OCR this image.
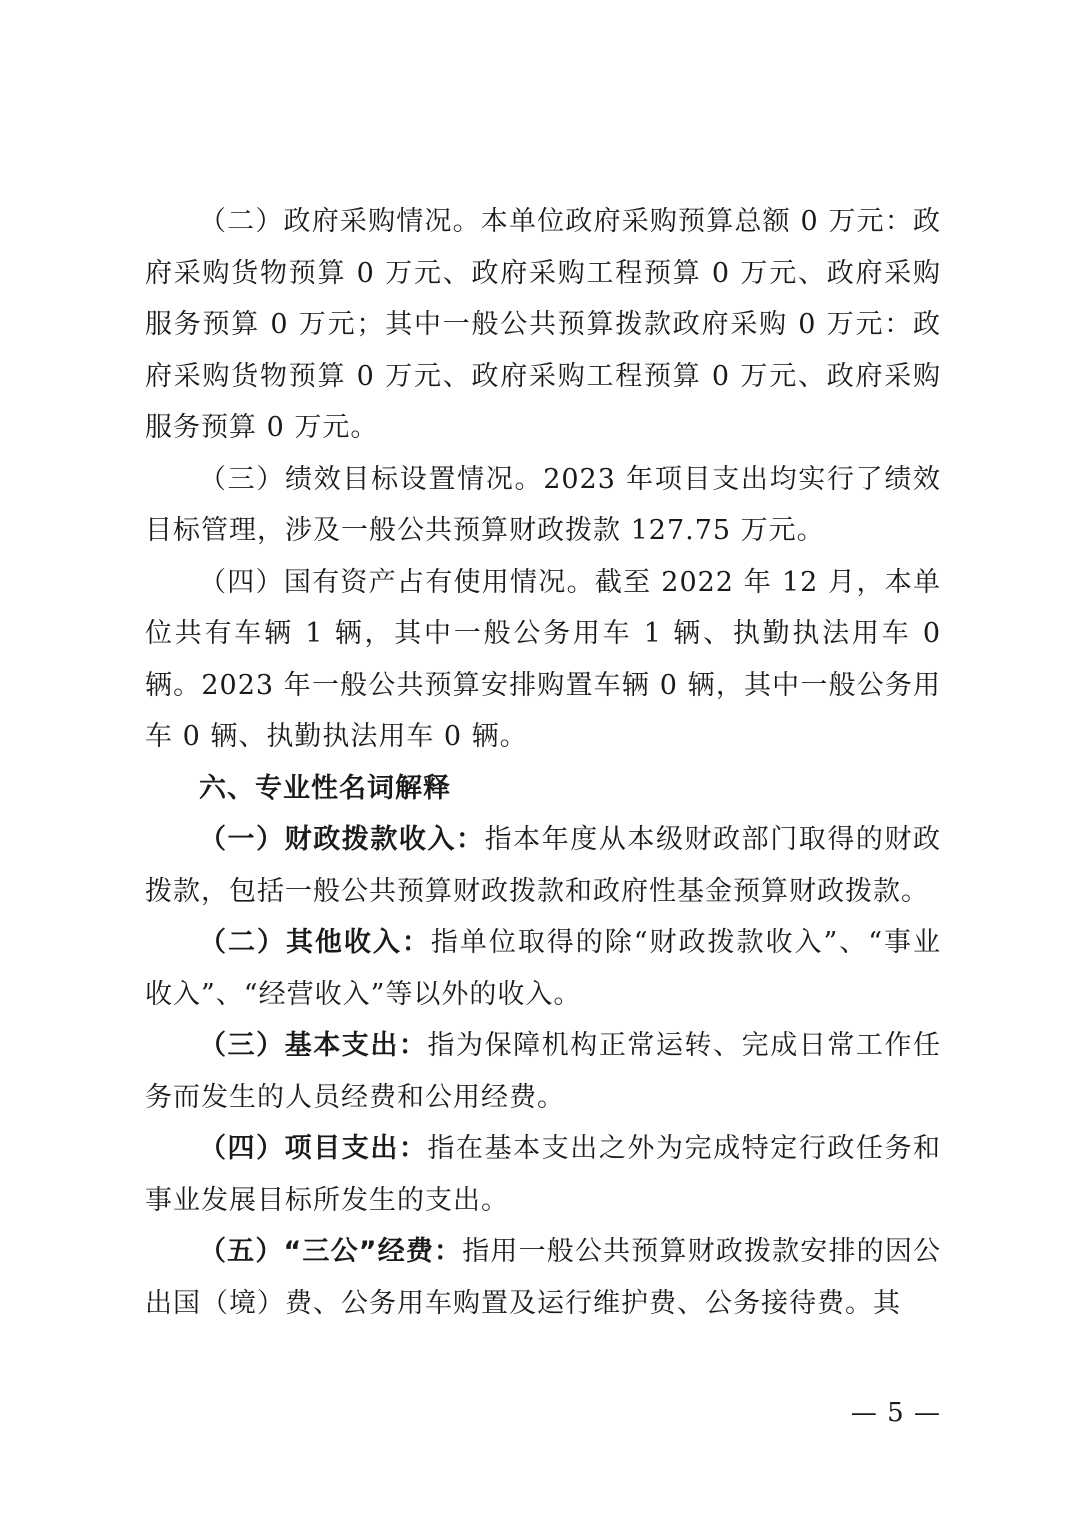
（二）政府采购情况。本单位政府采购预算总额 0 万元：政府采购货物预算 0 万元、政府采购工程预算 0 万元、政府采购服务预算 0 万元；其中一般公共预算拨款政府采购 0 万元：政府采购货物预算 0 万元、政府采购工程预算 0 万元、政府采购服务预算 0 万元。

（三）绩效目标设置情况。2023 年项目支出均实行了绩效目标管理，涉及一般公共预算财政拨款 127.75 万元。

（四）国有资产占有使用情况。截至 2022 年 12 月，本单位共有车辆 1 辆，其中一般公务用车 1 辆、执勤执法用车 0 辆。2023 年一般公共预算安排购置车辆 0 辆，其中一般公务用车 0 辆、执勤执法用车 0 辆。

六、专业性名词解释

（一）财政拨款收入：指本年度从本级财政部门取得的财政拨款，包括一般公共预算财政拨款和政府性基金预算财政拨款。

（二）其他收入：指单位取得的除“财政拨款收入”、“事业收入”、“经营收入”等以外的收入。

（三）基本支出：指为保障机构正常运转、完成日常工作任务而发生的人员经费和公用经费。

（四）项目支出：指在基本支出之外为完成特定行政任务和事业发展目标所发生的支出。

（五）“三公”经费：指用一般公共预算财政拨款安排的因公出国（境）费、公务用车购置及运行维护费、公务接待费。其

— 5 —
